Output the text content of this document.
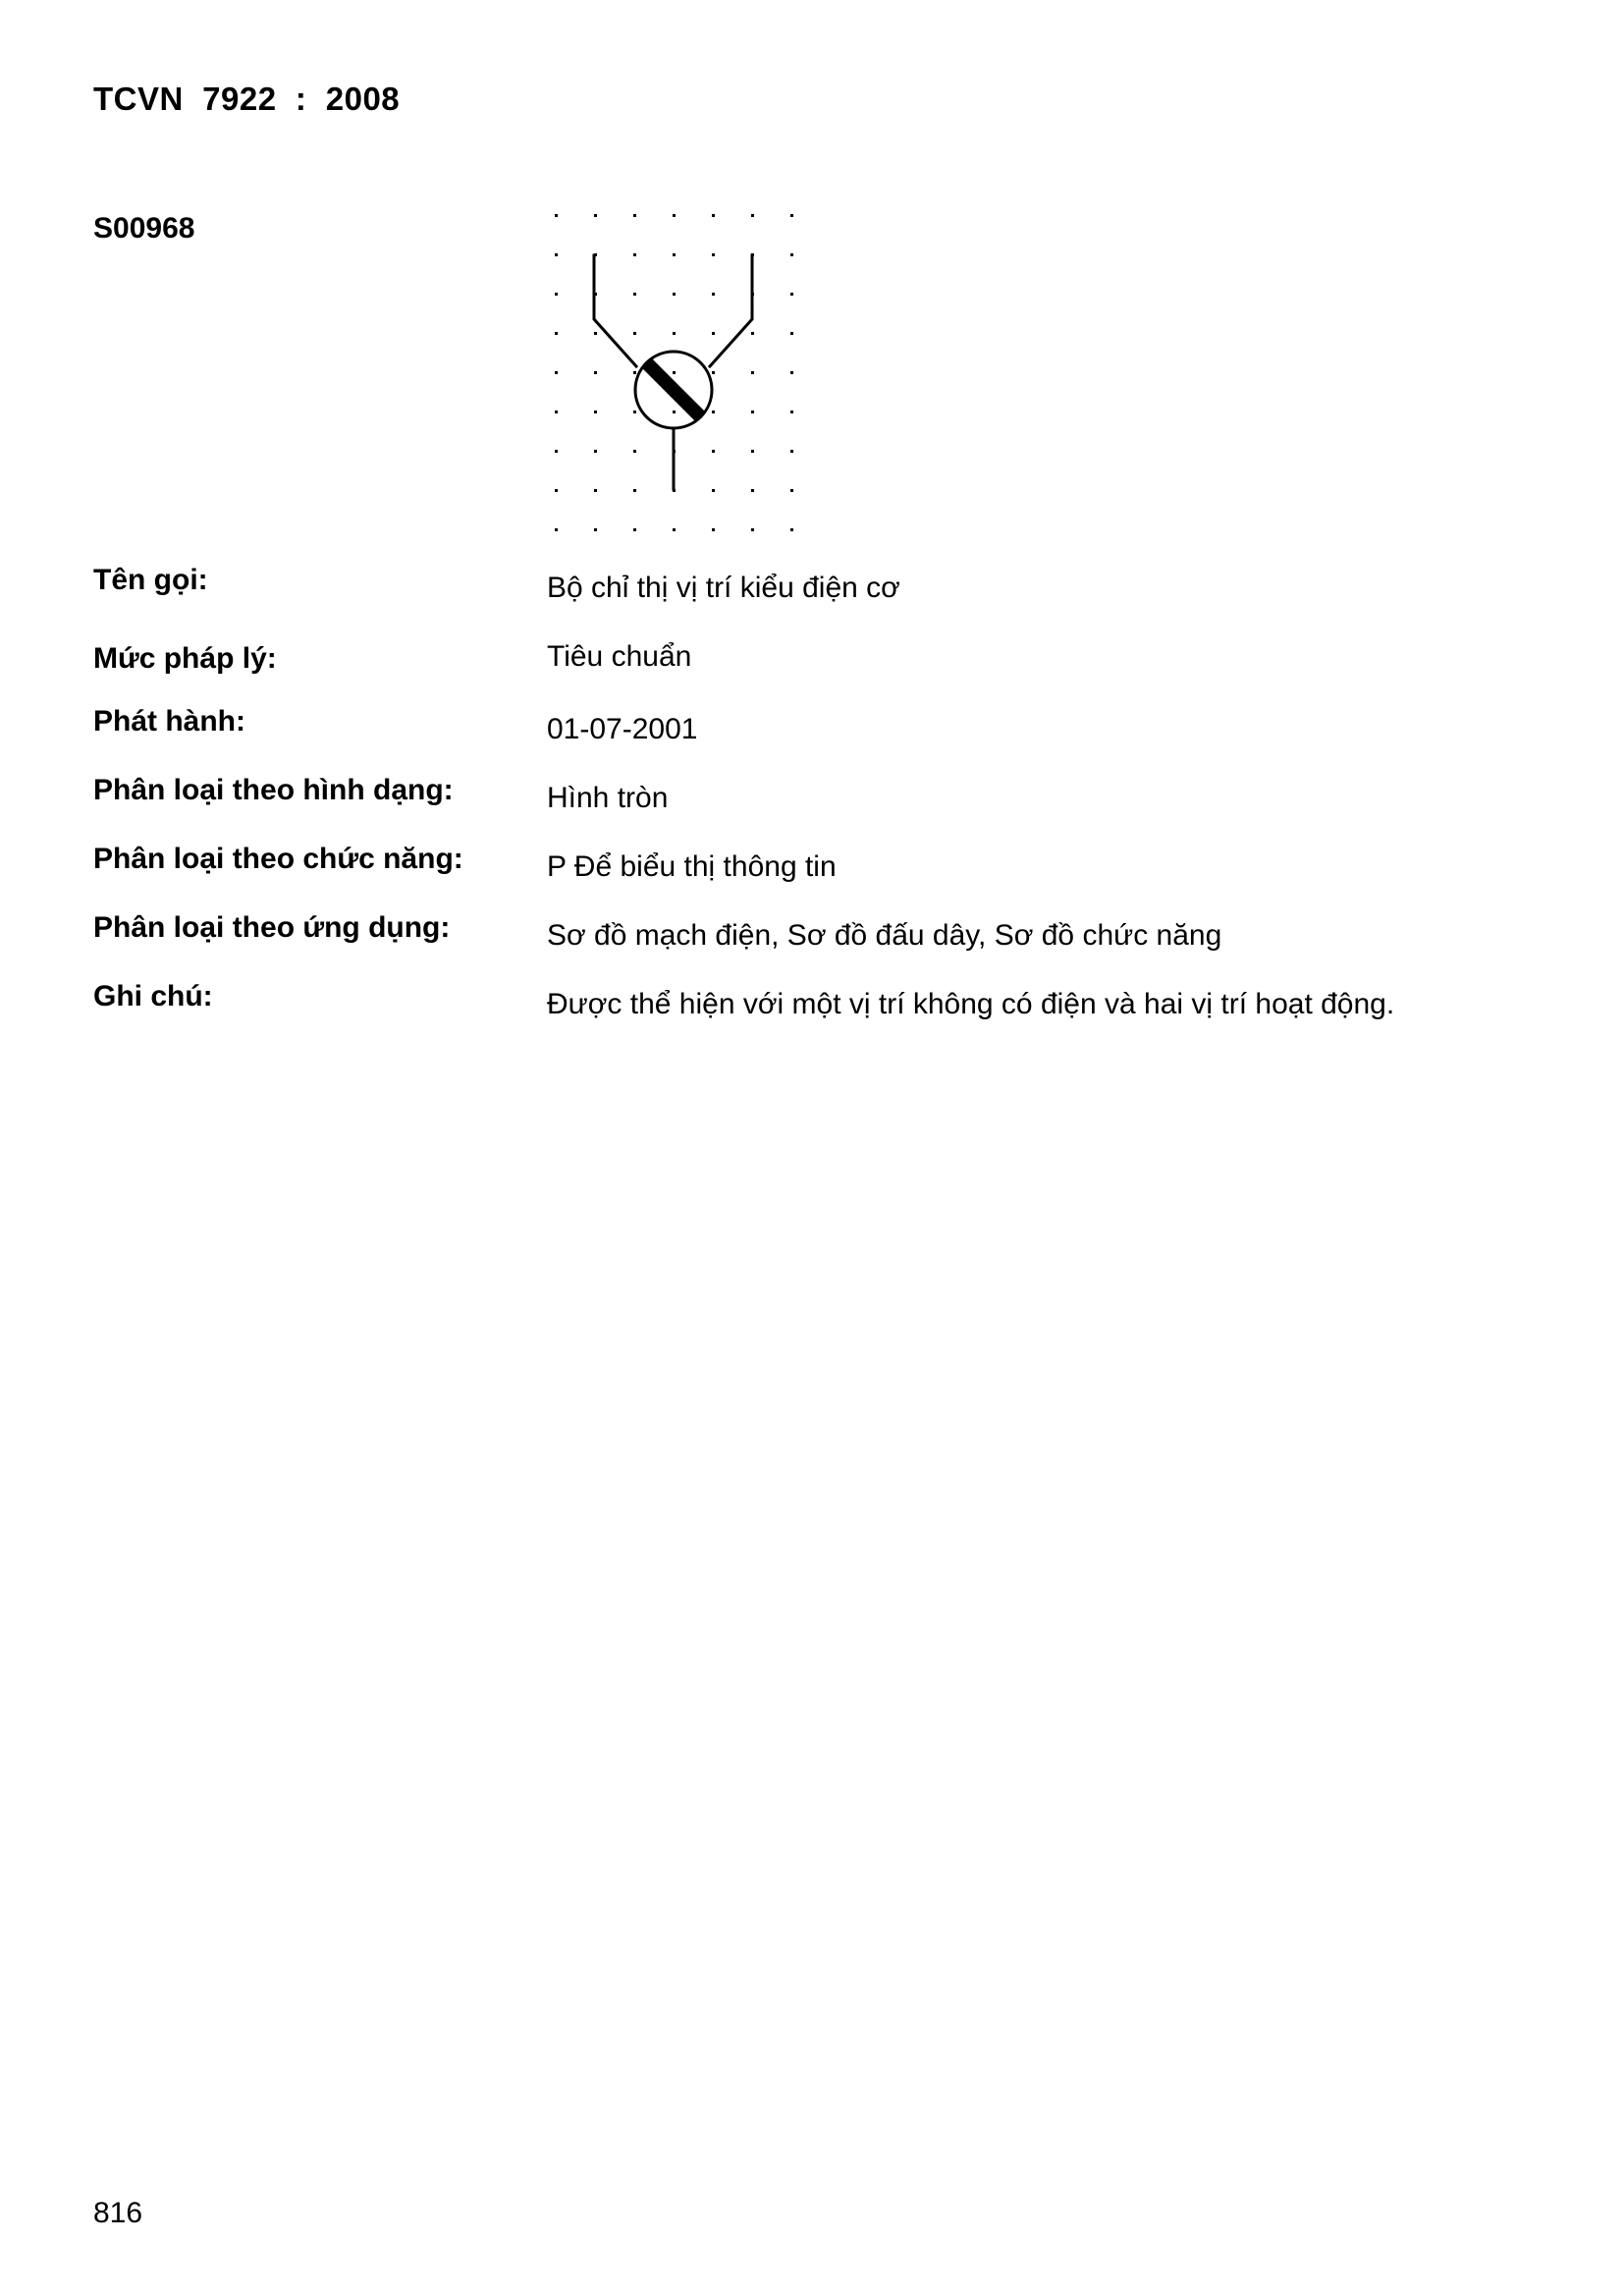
TCVN  7922  :  2008
S00968
Tên gọi:	Bộ chỉ thị vị trí kiểu điện cơ
Mức pháp lý:	Tiêu chuẩn
Phát hành:	01-07-2001
Phân loại theo hình dạng:	Hình tròn
Phân loại theo chức năng:	P Để biểu thị thông tin
Phân loại theo ứng dụng:	Sơ đồ mạch điện, Sơ đồ đấu dây, Sơ đồ chức năng
Ghi chú:	Được thể hiện với một vị trí không có điện và hai vị trí hoạt động.
816
